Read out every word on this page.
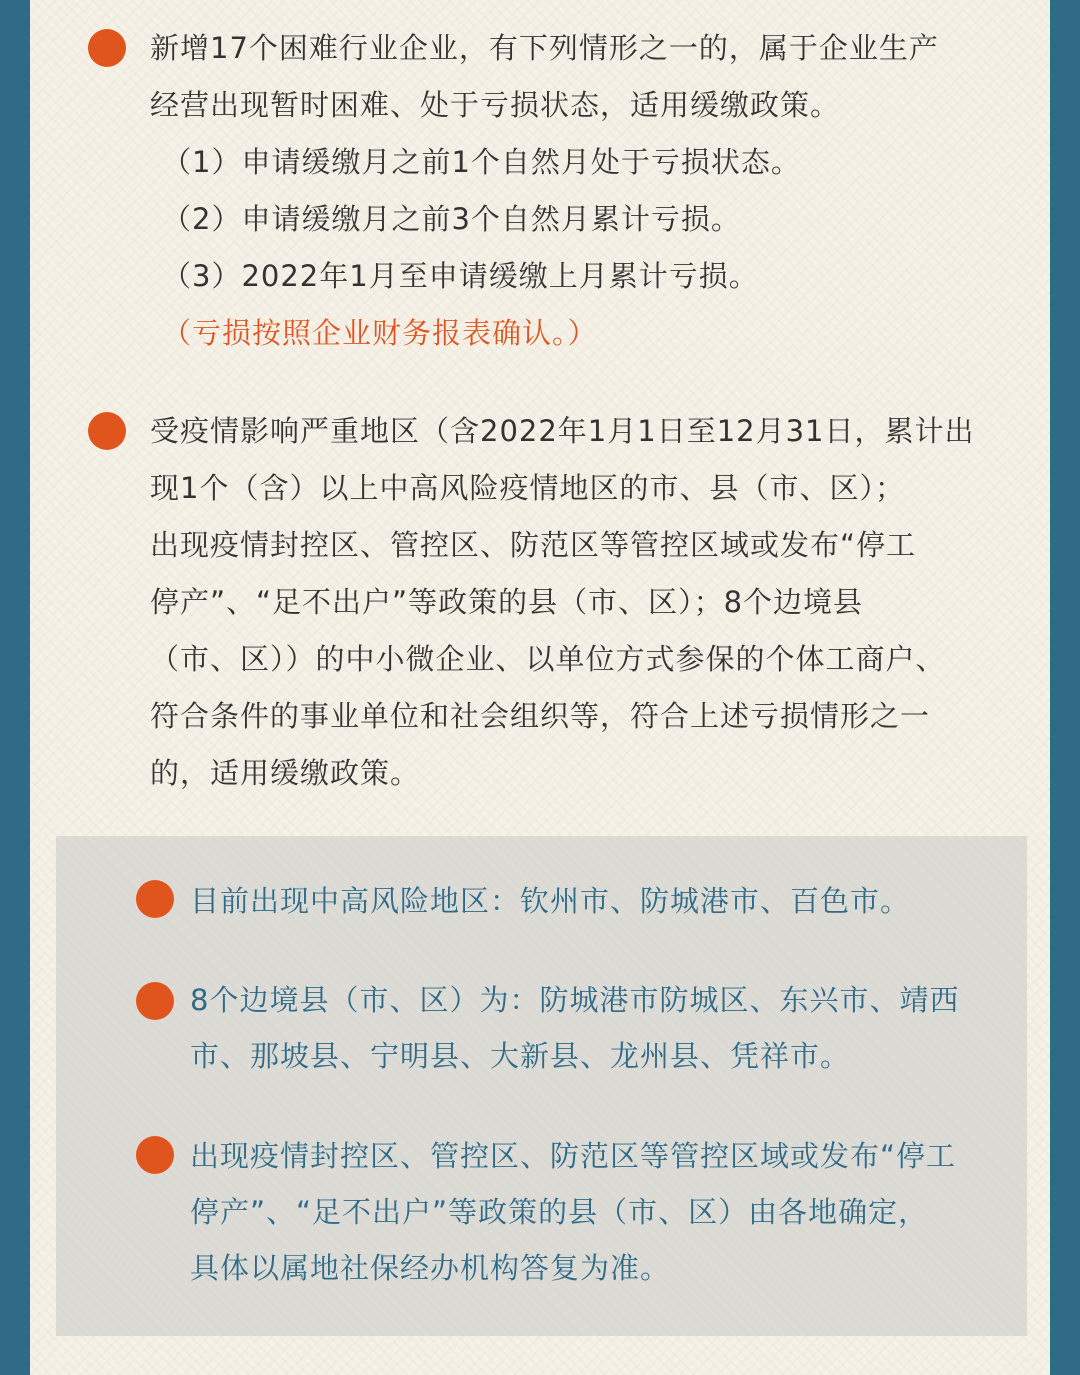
新增17个困难行业企业，有下列情形之一的，属于企业生产
经营出现暂时困难、处于亏损状态，适用缓缴政策。
（1）申请缓缴月之前1个自然月处于亏损状态。
（2）申请缓缴月之前3个自然月累计亏损。
（3）2022年1月至申请缓缴上月累计亏损。
（亏损按照企业财务报表确认。）
受疫情影响严重地区（含2022年1月1日至12月31日，累计出
现1个（含）以上中高风险疫情地区的市、县（市、区）；
出现疫情封控区、管控区、防范区等管控区域或发布“停工
停产”、“足不出户”等政策的县（市、区）；8个边境县
（市、区））的中小微企业、以单位方式参保的个体工商户、
符合条件的事业单位和社会组织等，符合上述亏损情形之一
的，适用缓缴政策。
目前出现中高风险地区：钦州市、防城港市、百色市。
8个边境县（市、区）为：防城港市防城区、东兴市、靖西
市、那坡县、宁明县、大新县、龙州县、凭祥市。
出现疫情封控区、管控区、防范区等管控区域或发布“停工
停产”、“足不出户”等政策的县（市、区）由各地确定，
具体以属地社保经办机构答复为准。
